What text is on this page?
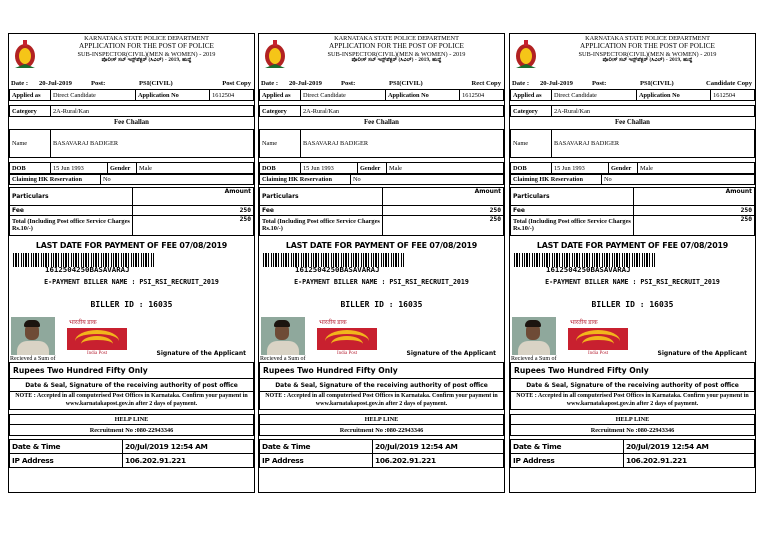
KARNATAKA STATE POLICE DEPARTMENT
APPLICATION FOR THE POST OF POLICE
SUB-INSPECTOR(CIVIL)(MEN & WOMEN) - 2019
ಪೊಲೀಸ್ ಸಬ್ ಇನ್ಸ್‌ಪೆಕ್ಟರ್ (ಸಿವಿಲ್) - 2019, ಹುದ್ದೆ
Date : 20-Jul-2019	Post:	PSI(CIVIL)	Post Copy
Applied as	Direct Candidate	Application No	1612504
Category	2A-Rural/Kan
Fee Challan
Name	BASAVARAJ BADIGER
DOB	15 Jun 1993	Gender	Male
Claiming HK Reservation	No
Particulars	Amount
Fee	250
Total (Including Post office Service Charges Rs.10/-)	250
LAST DATE FOR PAYMENT OF FEE 07/08/2019
1612504250BASAVARAJ
E-PAYMENT BILLER NAME : PSI_RSI_RECRUIT_2019
BILLER ID : 16035
भारतीय डाक
India Post	Signature of the Applicant
Recieved a Sum of
Rupees Two Hundred Fifty Only
Date & Seal, Signature of the receiving authority of post office
NOTE : Accepted in all computerised Post Offices in Karnataka. Confirm your payment in www.karnatakapost.gov.in after 2 days of payment.
HELP LINE
Recruitment No :080-22943346
Date & Time	20/Jul/2019 12:54 AM
IP Address	106.202.91.221
KARNATAKA STATE POLICE DEPARTMENT
APPLICATION FOR THE POST OF POLICE
SUB-INSPECTOR(CIVIL)(MEN & WOMEN) - 2019
ಪೊಲೀಸ್ ಸಬ್ ಇನ್ಸ್‌ಪೆಕ್ಟರ್ (ಸಿವಿಲ್) - 2019, ಹುದ್ದೆ
Date : 20-Jul-2019	Post:	PSI(CIVIL)	Rect Copy
Applied as	Direct Candidate	Application No	1612504
Category	2A-Rural/Kan
Fee Challan
Name	BASAVARAJ BADIGER
DOB	15 Jun 1993	Gender	Male
Claiming HK Reservation	No
Particulars	Amount
Fee	250
Total (Including Post office Service Charges Rs.10/-)	250
LAST DATE FOR PAYMENT OF FEE 07/08/2019
1612504250BASAVARAJ
E-PAYMENT BILLER NAME : PSI_RSI_RECRUIT_2019
BILLER ID : 16035
भारतीय डाक
India Post	Signature of the Applicant
Recieved a Sum of
Rupees Two Hundred Fifty Only
Date & Seal, Signature of the receiving authority of post office
NOTE : Accepted in all computerised Post Offices in Karnataka. Confirm your payment in www.karnatakapost.gov.in after 2 days of payment.
HELP LINE
Recruitment No :080-22943346
Date & Time	20/Jul/2019 12:54 AM
IP Address	106.202.91.221
KARNATAKA STATE POLICE DEPARTMENT
APPLICATION FOR THE POST OF POLICE
SUB-INSPECTOR(CIVIL)(MEN & WOMEN) - 2019
ಪೊಲೀಸ್ ಸಬ್ ಇನ್ಸ್‌ಪೆಕ್ಟರ್ (ಸಿವಿಲ್) - 2019, ಹುದ್ದೆ
Date : 20-Jul-2019	Post:	PSI(CIVIL)	Candidate Copy
Applied as	Direct Candidate	Application No	1612504
Category	2A-Rural/Kan
Fee Challan
Name	BASAVARAJ BADIGER
DOB	15 Jun 1993	Gender	Male
Claiming HK Reservation	No
Particulars	Amount
Fee	250
Total (Including Post office Service Charges Rs.10/-)	250
LAST DATE FOR PAYMENT OF FEE 07/08/2019
1612504250BASAVARAJ
E-PAYMENT BILLER NAME : PSI_RSI_RECRUIT_2019
BILLER ID : 16035
भारतीय डाक
India Post	Signature of the Applicant
Recieved a Sum of
Rupees Two Hundred Fifty Only
Date & Seal, Signature of the receiving authority of post office
NOTE : Accepted in all computerised Post Offices in Karnataka. Confirm your payment in www.karnatakapost.gov.in after 2 days of payment.
HELP LINE
Recruitment No :080-22943346
Date & Time	20/Jul/2019 12:54 AM
IP Address	106.202.91.221
